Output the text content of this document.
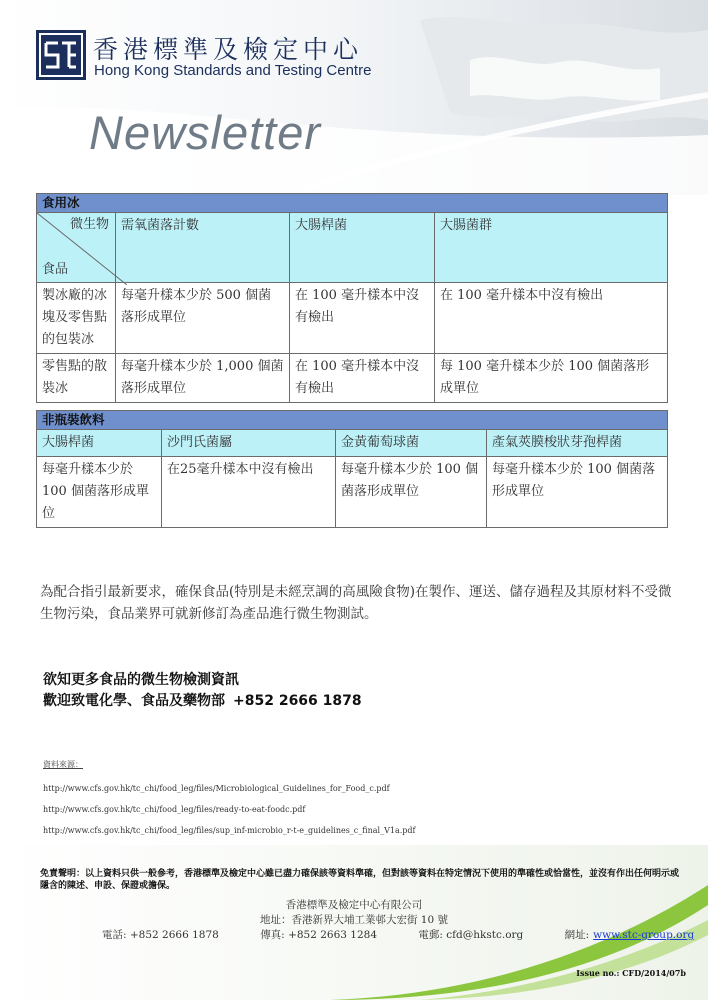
香港標準及檢定中心
Hong Kong Standards and Testing Centre
Newsletter
食用冰			

微生物
食品	需氧菌落計數	大腸桿菌	大腸菌群
製冰廠的冰塊及零售點的包裝冰	每毫升樣本少於 500 個菌落形成單位	在 100 毫升樣本中沒有檢出	在 100 毫升樣本中沒有檢出
零售點的散裝冰	每毫升樣本少於 1,000 個菌落形成單位	在 100 毫升樣本中沒有檢出	每 100 毫升樣本少於 100 個菌落形成單位
非瓶裝飲料			
大腸桿菌	沙門氏菌屬	金黃葡萄球菌	產氣莢膜梭狀芽孢桿菌
每毫升樣本少於 100 個菌落形成單位	在25毫升樣本中沒有檢出	每毫升樣本少於 100 個菌落形成單位	每毫升樣本少於 100 個菌落形成單位
為配合指引最新要求，確保食品(特別是未經烹調的高風險食物)在製作、運送、儲存過程及其原材料不受微生物污染，食品業界可就新修訂為產品進行微生物測試。
欲知更多食品的微生物檢測資訊
歡迎致電化學、食品及藥物部 +852 2666 1878
資料來源：
http://www.cfs.gov.hk/tc_chi/food_leg/files/Microbiological_Guidelines_for_Food_c.pdf
http://www.cfs.gov.hk/tc_chi/food_leg/files/ready-to-eat-foodc.pdf
http://www.cfs.gov.hk/tc_chi/food_leg/files/sup_inf-microbio_r-t-e_guidelines_c_final_V1a.pdf
免責聲明：以上資料只供一般參考，香港標準及檢定中心雖已盡力確保該等資料準確，但對該等資料在特定情況下使用的準確性或恰當性，並沒有作出任何明示或隱含的陳述、申設、保證或擔保。
香港標準及檢定中心有限公司
地址：香港新界大埔工業邨大宏街 10 號
電話: +852 2666 1878	傳真: +852 2663 1284	電郵: cfd@hkstc.org	網址: www.stc-group.org
Issue no.: CFD/2014/07b
